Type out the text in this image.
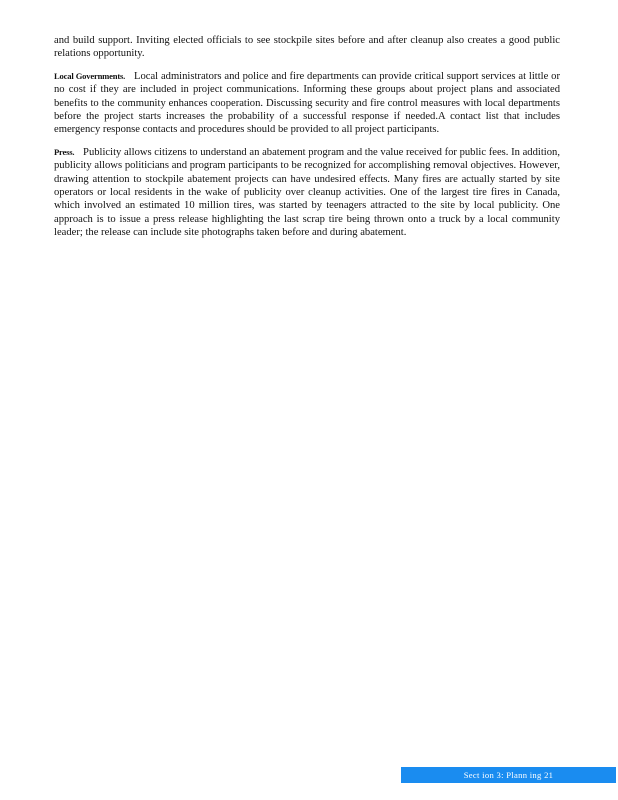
and build support. Inviting elected officials to see stockpile sites before and after cleanup also creates a good public relations opportunity.

Local Governments. Local administrators and police and fire departments can provide critical support services at little or no cost if they are included in project communications. Informing these groups about project plans and associated benefits to the community enhances cooperation. Discussing security and fire control measures with local departments before the project starts increases the probability of a successful response if needed.A contact list that includes emergency response contacts and procedures should be provided to all project participants.

Press. Publicity allows citizens to understand an abatement program and the value received for public fees. In addition, publicity allows politicians and program participants to be recognized for accomplishing removal objectives. However, drawing attention to stockpile abatement projects can have undesired effects. Many fires are actually started by site operators or local residents in the wake of publicity over cleanup activities. One of the largest tire fires in Canada, which involved an estimated 10 million tires, was started by teenagers attracted to the site by local publicity. One approach is to issue a press release highlighting the last scrap tire being thrown onto a truck by a local community leader; the release can include site photographs taken before and during abatement.

Sect ion 3: Plann ing 21
